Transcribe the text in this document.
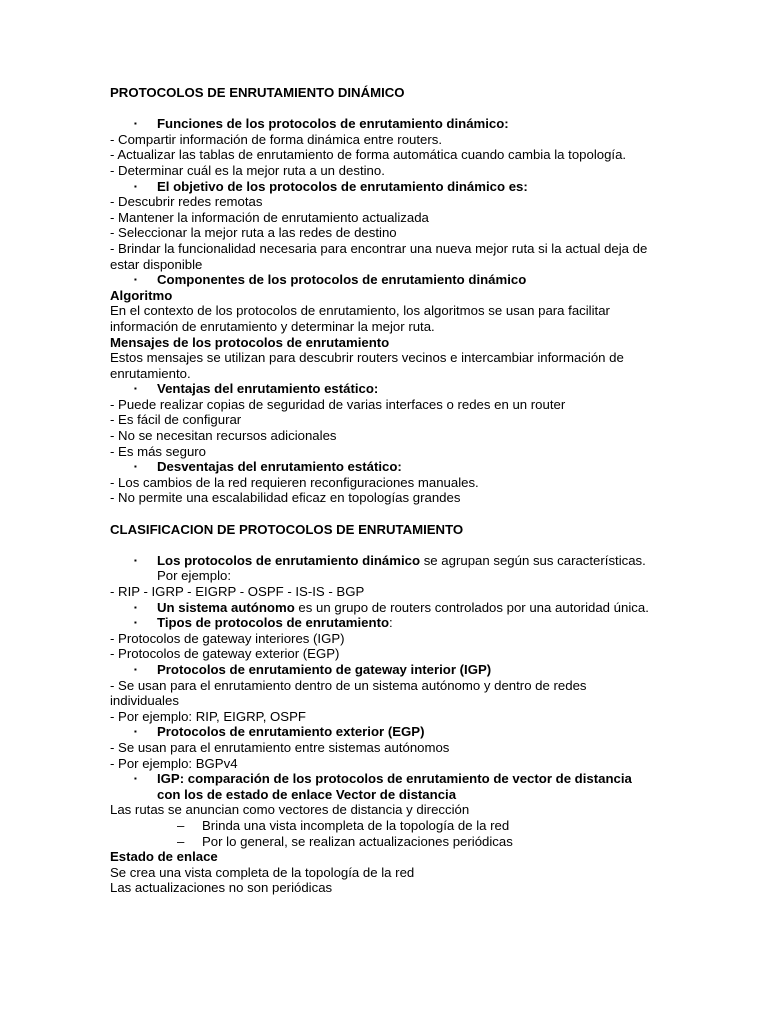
PROTOCOLOS DE ENRUTAMIENTO DINÁMICO

▪ Funciones de los protocolos de enrutamiento dinámico:

- Compartir información de forma dinámica entre routers.

- Actualizar las tablas de enrutamiento de forma automática cuando cambia la topología.

- Determinar cuál es la mejor ruta a un destino.

▪ El objetivo de los protocolos de enrutamiento dinámico es:

- Descubrir redes remotas

- Mantener la información de enrutamiento actualizada

- Seleccionar la mejor ruta a las redes de destino

- Brindar la funcionalidad necesaria para encontrar una nueva mejor ruta si la actual deja de estar disponible

▪ Componentes de los protocolos de enrutamiento dinámico

Algoritmo

En el contexto de los protocolos de enrutamiento, los algoritmos se usan para facilitar información de enrutamiento y determinar la mejor ruta.

Mensajes de los protocolos de enrutamiento

Estos mensajes se utilizan para descubrir routers vecinos e intercambiar información de enrutamiento.

▪ Ventajas del enrutamiento estático:

- Puede realizar copias de seguridad de varias interfaces o redes en un router

- Es fácil de configurar

- No se necesitan recursos adicionales

- Es más seguro

▪ Desventajas del enrutamiento estático:

- Los cambios de la red requieren reconfiguraciones manuales.

- No permite una escalabilidad eficaz en topologías grandes

CLASIFICACION DE PROTOCOLOS DE ENRUTAMIENTO

▪ Los protocolos de enrutamiento dinámico se agrupan según sus características. Por ejemplo:

- RIP - IGRP - EIGRP - OSPF - IS-IS - BGP

▪ Un sistema autónomo es un grupo de routers controlados por una autoridad única.

▪ Tipos de protocolos de enrutamiento:

- Protocolos de gateway interiores (IGP)

- Protocolos de gateway exterior (EGP)

▪ Protocolos de enrutamiento de gateway interior (IGP)

- Se usan para el enrutamiento dentro de un sistema autónomo y dentro de redes individuales

- Por ejemplo: RIP, EIGRP, OSPF

▪ Protocolos de enrutamiento exterior (EGP)

- Se usan para el enrutamiento entre sistemas autónomos

- Por ejemplo: BGPv4

▪ IGP: comparación de los protocolos de enrutamiento de vector de distancia con los de estado de enlace Vector de distancia

Las rutas se anuncian como vectores de distancia y dirección

– Brinda una vista incompleta de la topología de la red

– Por lo general, se realizan actualizaciones periódicas

Estado de enlace

Se crea una vista completa de la topología de la red

Las actualizaciones no son periódicas
